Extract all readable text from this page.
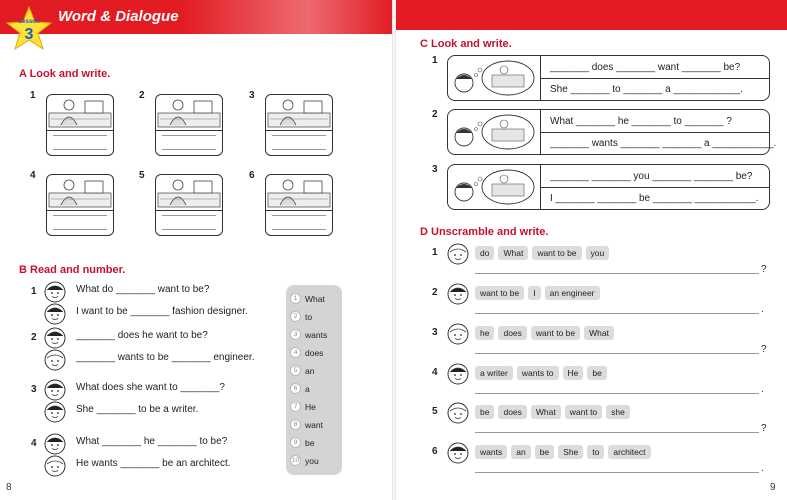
Lesson
3
Word & Dialogue
A Look and write.
1	2	3
4	5	6
B Read and number.
1	What do _______ want to be?
I want to be _______ fashion designer.
2	_______ does he want to be?
_______ wants to be _______ engineer.
3	What does she want to _______?
She _______ to be a writer.
4	What _______ he _______ to be?
He wants _______ be an architect.
1 What
2 to
3 wants
4 does
5 an
6 a
7 He
8 want
9 be
10 you
C Look and write.
1
_______ does _______ want _______ be?
She _______ to _______ a ____________.
2
What _______ he _______ to _______ ?
_______ wants _______ _______ a ___________.
3
_______ _______ you _______ _______ be?
I _______ _______ be _______ ___________.
D Unscramble and write.
1	do	What	want to be	you
?
2	want to be	I	an engineer
.
3	he	does	want to be	What
?
4	a writer	wants to	He	be
.
5	be	does	What	want to	she
?
6	wants	an	be	She	to	architect
.
8	9
